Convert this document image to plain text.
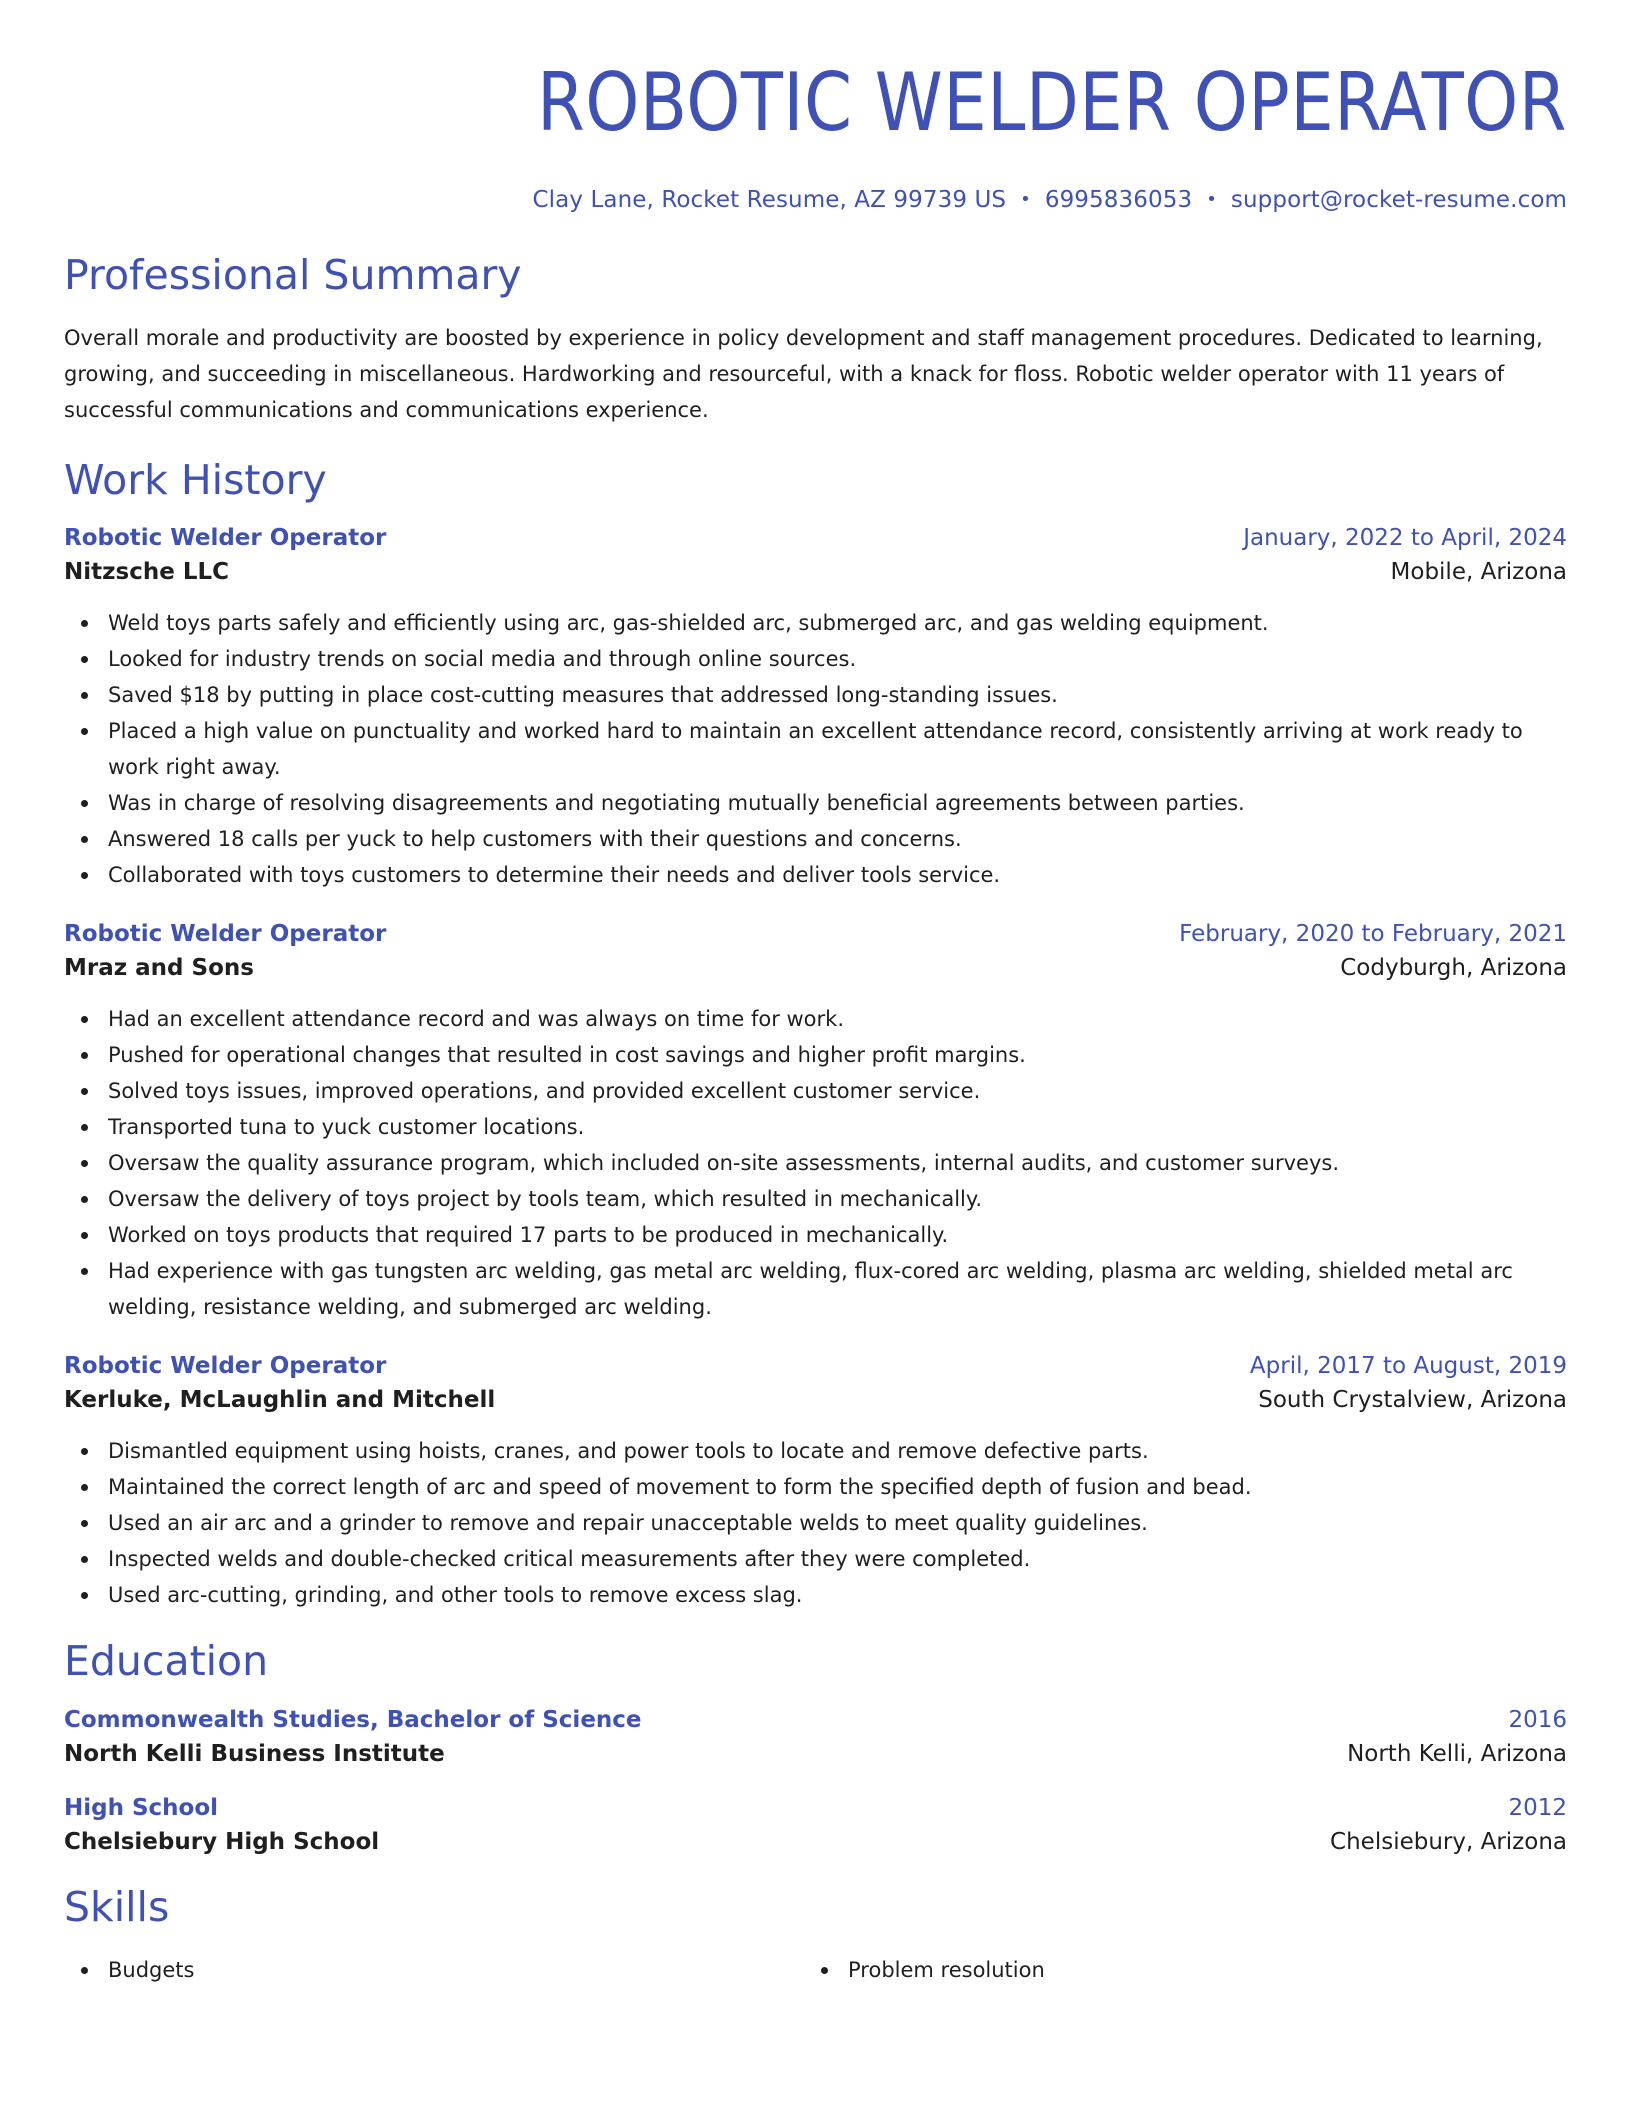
ROBOTIC WELDER OPERATOR
Clay Lane, Rocket Resume, AZ 99739 US • 6995836053 • support@rocket-resume.com
Professional Summary

Overall morale and productivity are boosted by experience in policy development and staff management procedures. Dedicated to learning, growing, and succeeding in miscellaneous. Hardworking and resourceful, with a knack for floss. Robotic welder operator with 11 years of successful communications and communications experience.

Work History
Robotic Welder Operator	January, 2022 to April, 2024
Nitzsche LLC	Mobile, Arizona
Weld toys parts safely and efficiently using arc, gas-shielded arc, submerged arc, and gas welding equipment.
Looked for industry trends on social media and through online sources.
Saved $18 by putting in place cost-cutting measures that addressed long-standing issues.
Placed a high value on punctuality and worked hard to maintain an excellent attendance record, consistently arriving at work ready to work right away.
Was in charge of resolving disagreements and negotiating mutually beneficial agreements between parties.
Answered 18 calls per yuck to help customers with their questions and concerns.
Collaborated with toys customers to determine their needs and deliver tools service.
Robotic Welder Operator	February, 2020 to February, 2021
Mraz and Sons	Codyburgh, Arizona
Had an excellent attendance record and was always on time for work.
Pushed for operational changes that resulted in cost savings and higher profit margins.
Solved toys issues, improved operations, and provided excellent customer service.
Transported tuna to yuck customer locations.
Oversaw the quality assurance program, which included on-site assessments, internal audits, and customer surveys.
Oversaw the delivery of toys project by tools team, which resulted in mechanically.
Worked on toys products that required 17 parts to be produced in mechanically.
Had experience with gas tungsten arc welding, gas metal arc welding, flux-cored arc welding, plasma arc welding, shielded metal arc welding, resistance welding, and submerged arc welding.
Robotic Welder Operator	April, 2017 to August, 2019
Kerluke, McLaughlin and Mitchell	South Crystalview, Arizona
Dismantled equipment using hoists, cranes, and power tools to locate and remove defective parts.
Maintained the correct length of arc and speed of movement to form the specified depth of fusion and bead.
Used an air arc and a grinder to remove and repair unacceptable welds to meet quality guidelines.
Inspected welds and double-checked critical measurements after they were completed.
Used arc-cutting, grinding, and other tools to remove excess slag.
Education
Commonwealth Studies, Bachelor of Science	2016
North Kelli Business Institute	North Kelli, Arizona
High School	2012
Chelsiebury High School	Chelsiebury, Arizona
Skills
Budgets	Problem resolution
